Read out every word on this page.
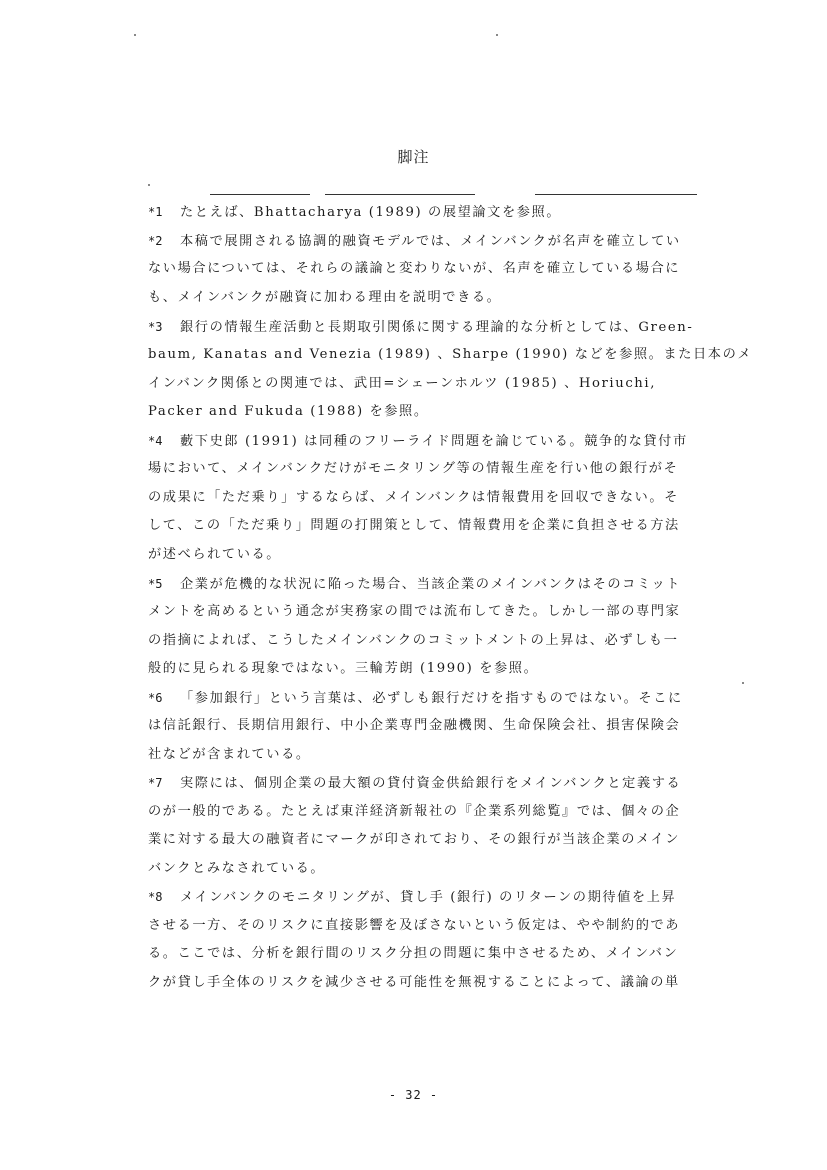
脚注
*1 たとえば、Bhattacharya (1989) の展望論文を参照。
*2 本稿で展開される協調的融資モデルでは、メインバンクが名声を確立してい
ない場合については、それらの議論と変わりないが、名声を確立している場合に
も、メインバンクが融資に加わる理由を説明できる。
*3 銀行の情報生産活動と長期取引関係に関する理論的な分析としては、Green-
baum, Kanatas and Venezia (1989) 、Sharpe (1990) などを参照。また日本のメ
インバンク関係との関連では、武田=シェーンホルツ (1985) 、Horiuchi,
Packer and Fukuda (1988) を参照。
*4 藪下史郎 (1991) は同種のフリーライド問題を論じている。競争的な貸付市
場において、メインバンクだけがモニタリング等の情報生産を行い他の銀行がそ
の成果に「ただ乗り」するならば、メインバンクは情報費用を回収できない。そ
して、この「ただ乗り」問題の打開策として、情報費用を企業に負担させる方法
が述べられている。
*5 企業が危機的な状況に陥った場合、当該企業のメインバンクはそのコミット
メントを高めるという通念が実務家の間では流布してきた。しかし一部の専門家
の指摘によれば、こうしたメインバンクのコミットメントの上昇は、必ずしも一
般的に見られる現象ではない。三輪芳朗 (1990) を参照。
*6 「参加銀行」という言葉は、必ずしも銀行だけを指すものではない。そこに
は信託銀行、長期信用銀行、中小企業専門金融機関、生命保険会社、損害保険会
社などが含まれている。
*7 実際には、個別企業の最大額の貸付資金供給銀行をメインバンクと定義する
のが一般的である。たとえば東洋経済新報社の『企業系列総覧』では、個々の企
業に対する最大の融資者にマークが印されており、その銀行が当該企業のメイン
バンクとみなされている。
*8 メインバンクのモニタリングが、貸し手 (銀行) のリターンの期待値を上昇
させる一方、そのリスクに直接影響を及ぼさないという仮定は、やや制約的であ
る。ここでは、分析を銀行間のリスク分担の問題に集中させるため、メインバン
クが貸し手全体のリスクを減少させる可能性を無視することによって、議論の単
- 32 -
